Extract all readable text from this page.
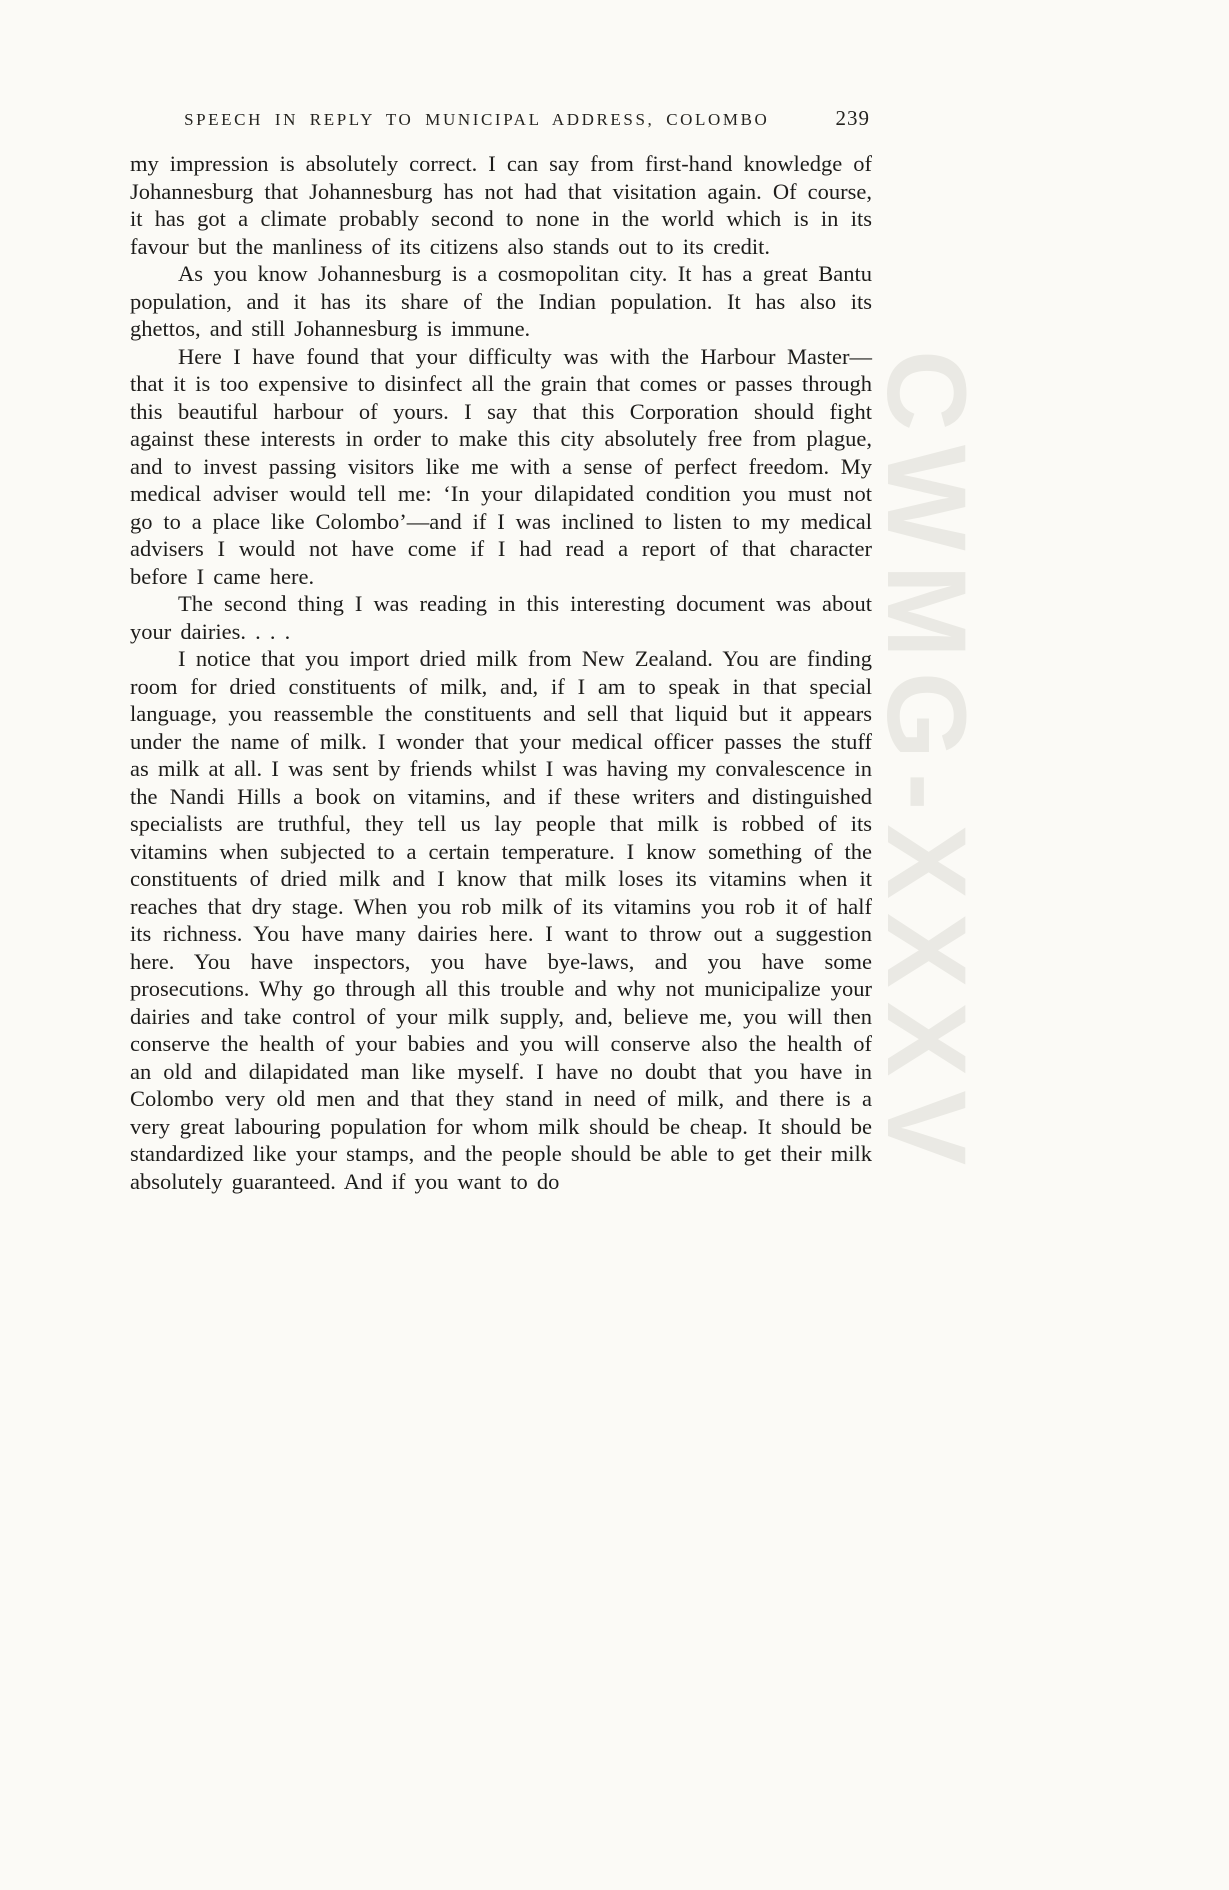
CWMG-XXXV
SPEECH IN REPLY TO MUNICIPAL ADDRESS, COLOMBO	239

my impression is absolutely correct. I can say from first-hand knowledge of Johannesburg that Johannesburg has not had that visitation again. Of course, it has got a climate probably second to none in the world which is in its favour but the manliness of its citizens also stands out to its credit.

As you know Johannesburg is a cosmopolitan city. It has a great Bantu population, and it has its share of the Indian population. It has also its ghettos, and still Johannesburg is immune.

Here I have found that your difficulty was with the Harbour Master—that it is too expensive to disinfect all the grain that comes or passes through this beautiful harbour of yours. I say that this Corporation should fight against these interests in order to make this city absolutely free from plague, and to invest passing visitors like me with a sense of perfect freedom. My medical adviser would tell me: ‘In your dilapidated condition you must not go to a place like Colombo’—and if I was inclined to listen to my medical advisers I would not have come if I had read a report of that character before I came here.

The second thing I was reading in this interesting document was about your dairies. . . .

I notice that you import dried milk from New Zealand. You are finding room for dried constituents of milk, and, if I am to speak in that special language, you reassemble the constituents and sell that liquid but it appears under the name of milk. I wonder that your medical officer passes the stuff as milk at all. I was sent by friends whilst I was having my convalescence in the Nandi Hills a book on vitamins, and if these writers and distinguished specialists are truthful, they tell us lay people that milk is robbed of its vitamins when subjected to a certain temperature. I know something of the constituents of dried milk and I know that milk loses its vitamins when it reaches that dry stage. When you rob milk of its vitamins you rob it of half its richness. You have many dairies here. I want to throw out a suggestion here. You have inspectors, you have bye-laws, and you have some prosecutions. Why go through all this trouble and why not municipalize your dairies and take control of your milk supply, and, believe me, you will then conserve the health of your babies and you will conserve also the health of an old and dilapidated man like myself. I have no doubt that you have in Colombo very old men and that they stand in need of milk, and there is a very great labouring population for whom milk should be cheap. It should be standardized like your stamps, and the people should be able to get their milk absolutely guaranteed. And if you want to do
